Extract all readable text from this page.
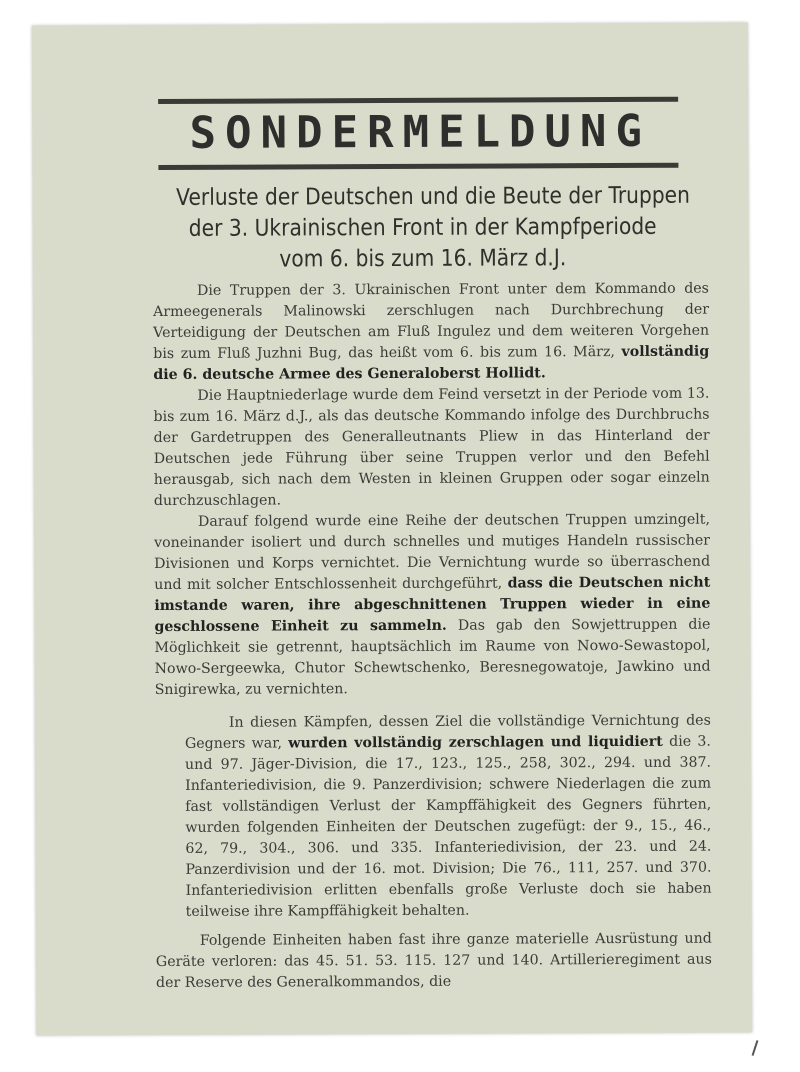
SONDERMELDUNG
Verluste der Deutschen und die Beute der Truppen
der 3. Ukrainischen Front in der Kampfperiode
vom 6. bis zum 16. März d.J.

Die Truppen der 3. Ukrainischen Front unter dem Kommando des Armeegenerals Malinowski zerschlugen nach Durchbrechung der Verteidigung der Deutschen am Fluß Ingulez und dem weiteren Vorgehen bis zum Fluß Juzhni Bug, das heißt vom 6. bis zum 16. März, vollständig die 6. deutsche Armee des Generaloberst Hollidt.

Die Hauptniederlage wurde dem Feind versetzt in der Periode vom 13. bis zum 16. März d.J., als das deutsche Kommando infolge des Durchbruchs der Gardetruppen des Generalleutnants Pliew in das Hinterland der Deutschen jede Führung über seine Truppen verlor und den Befehl herausgab, sich nach dem Westen in kleinen Gruppen oder sogar einzeln durchzuschlagen.

Darauf folgend wurde eine Reihe der deutschen Truppen umzingelt, voneinander isoliert und durch schnelles und mutiges Handeln russischer Divisionen und Korps vernichtet. Die Vernichtung wurde so überraschend und mit solcher Entschlossenheit durchgeführt, dass die Deutschen nicht imstande waren, ihre abgeschnittenen Truppen wieder in eine geschlossene Einheit zu sammeln. Das gab den Sowjettruppen die Möglichkeit sie getrennt, hauptsächlich im Raume von Nowo-Sewastopol, Nowo-Sergeewka, Chutor Schewtschenko, Beresnegowatoje, Jawkino und Snigirewka, zu vernichten.

In diesen Kämpfen, dessen Ziel die vollständige Vernichtung des Gegners war, wurden vollständig zerschlagen und liquidiert die 3. und 97. Jäger-Division, die 17., 123., 125., 258, 302., 294. und 387. Infanteriedivision, die 9. Panzerdivision; schwere Niederlagen die zum fast vollständigen Verlust der Kampffähigkeit des Gegners führten, wurden folgenden Einheiten der Deutschen zugefügt: der 9., 15., 46., 62, 79., 304., 306. und 335. Infanteriedivision, der 23. und 24. Panzerdivision und der 16. mot. Division; Die 76., 111, 257. und 370. Infanteriedivision erlitten ebenfalls große Verluste doch sie haben teilweise ihre Kampffähigkeit behalten.

Folgende Einheiten haben fast ihre ganze materielle Ausrüstung und Geräte verloren: das 45. 51. 53. 115. 127 und 140. Artillerieregiment aus der Reserve des Generalkommandos, die
